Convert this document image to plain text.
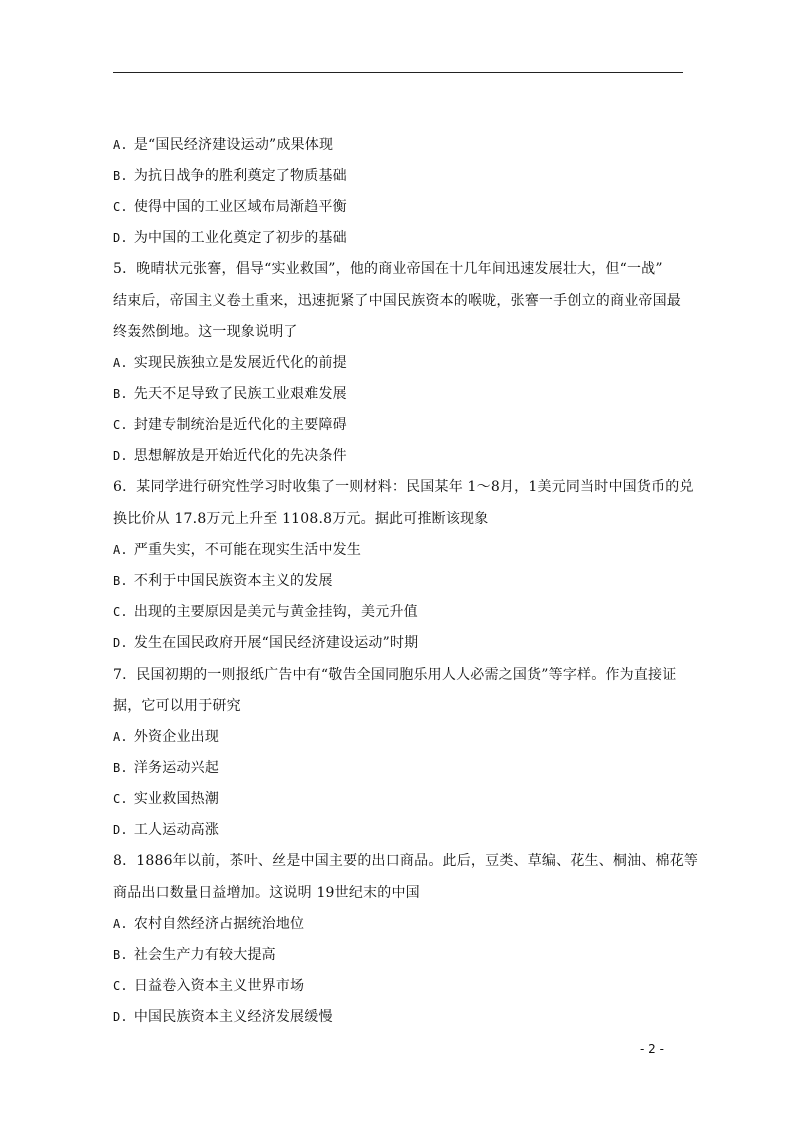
A. 是“国民经济建设运动”成果体现
B. 为抗日战争的胜利奠定了物质基础
C. 使得中国的工业区域布局渐趋平衡
D. 为中国的工业化奠定了初步的基础
5．晚晴状元张謇，倡导“实业救国”，他的商业帝国在十几年间迅速发展壮大，但“一战”
结束后，帝国主义卷土重来，迅速扼紧了中国民族资本的喉咙，张謇一手创立的商业帝国最
终轰然倒地。这一现象说明了
A. 实现民族独立是发展近代化的前提
B. 先天不足导致了民族工业艰难发展
C. 封建专制统治是近代化的主要障碍
D. 思想解放是开始近代化的先决条件
6．某同学进行研究性学习时收集了一则材料：民国某年 1～8月，1美元同当时中国货币的兑
换比价从 17.8万元上升至 1108.8万元。据此可推断该现象
A. 严重失实，不可能在现实生活中发生
B. 不利于中国民族资本主义的发展
C. 出现的主要原因是美元与黄金挂钩，美元升值
D. 发生在国民政府开展“国民经济建设运动”时期
7．民国初期的一则报纸广告中有“敬告全国同胞乐用人人必需之国货”等字样。作为直接证
据，它可以用于研究
A. 外资企业出现
B. 洋务运动兴起
C. 实业救国热潮
D. 工人运动高涨
8．1886年以前，茶叶、丝是中国主要的出口商品。此后，豆类、草编、花生、桐油、棉花等
商品出口数量日益增加。这说明 19世纪末的中国
A. 农村自然经济占据统治地位
B. 社会生产力有较大提高
C. 日益卷入资本主义世界市场
D. 中国民族资本主义经济发展缓慢
- 2 -
